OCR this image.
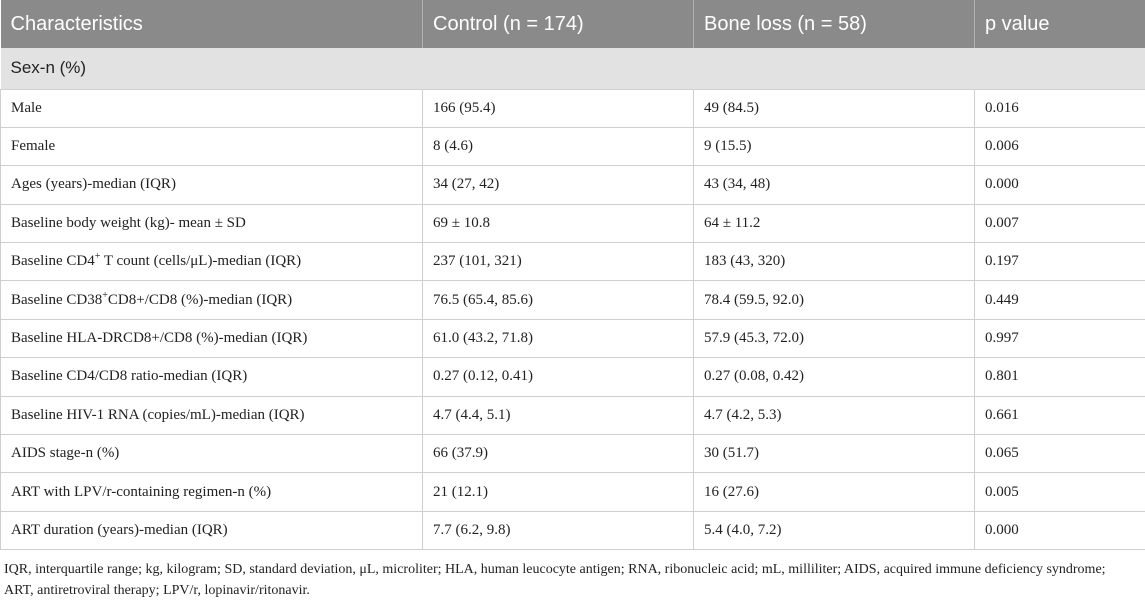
Characteristics	Control (n = 174)	Bone loss (n = 58)	p value
Sex-n (%)			
Male	166 (95.4)	49 (84.5)	0.016
Female	8 (4.6)	9 (15.5)	0.006
Ages (years)-median (IQR)	34 (27, 42)	43 (34, 48)	0.000
Baseline body weight (kg)- mean ± SD	69 ± 10.8	64 ± 11.2	0.007
Baseline CD4+ T count (cells/μL)-median (IQR)	237 (101, 321)	183 (43, 320)	0.197
Baseline CD38+CD8+/CD8 (%)-median (IQR)	76.5 (65.4, 85.6)	78.4 (59.5, 92.0)	0.449
Baseline HLA-DRCD8+/CD8 (%)-median (IQR)	61.0 (43.2, 71.8)	57.9 (45.3, 72.0)	0.997
Baseline CD4/CD8 ratio-median (IQR)	0.27 (0.12, 0.41)	0.27 (0.08, 0.42)	0.801
Baseline HIV-1 RNA (copies/mL)-median (IQR)	4.7 (4.4, 5.1)	4.7 (4.2, 5.3)	0.661
AIDS stage-n (%)	66 (37.9)	30 (51.7)	0.065
ART with LPV/r-containing regimen-n (%)	21 (12.1)	16 (27.6)	0.005
ART duration (years)-median (IQR)	7.7 (6.2, 9.8)	5.4 (4.0, 7.2)	0.000
IQR, interquartile range; kg, kilogram; SD, standard deviation, μL, microliter; HLA, human leucocyte antigen; RNA, ribonucleic acid; mL, milliliter; AIDS, acquired immune deficiency syndrome; ART, antiretroviral therapy; LPV/r, lopinavir/ritonavir.
